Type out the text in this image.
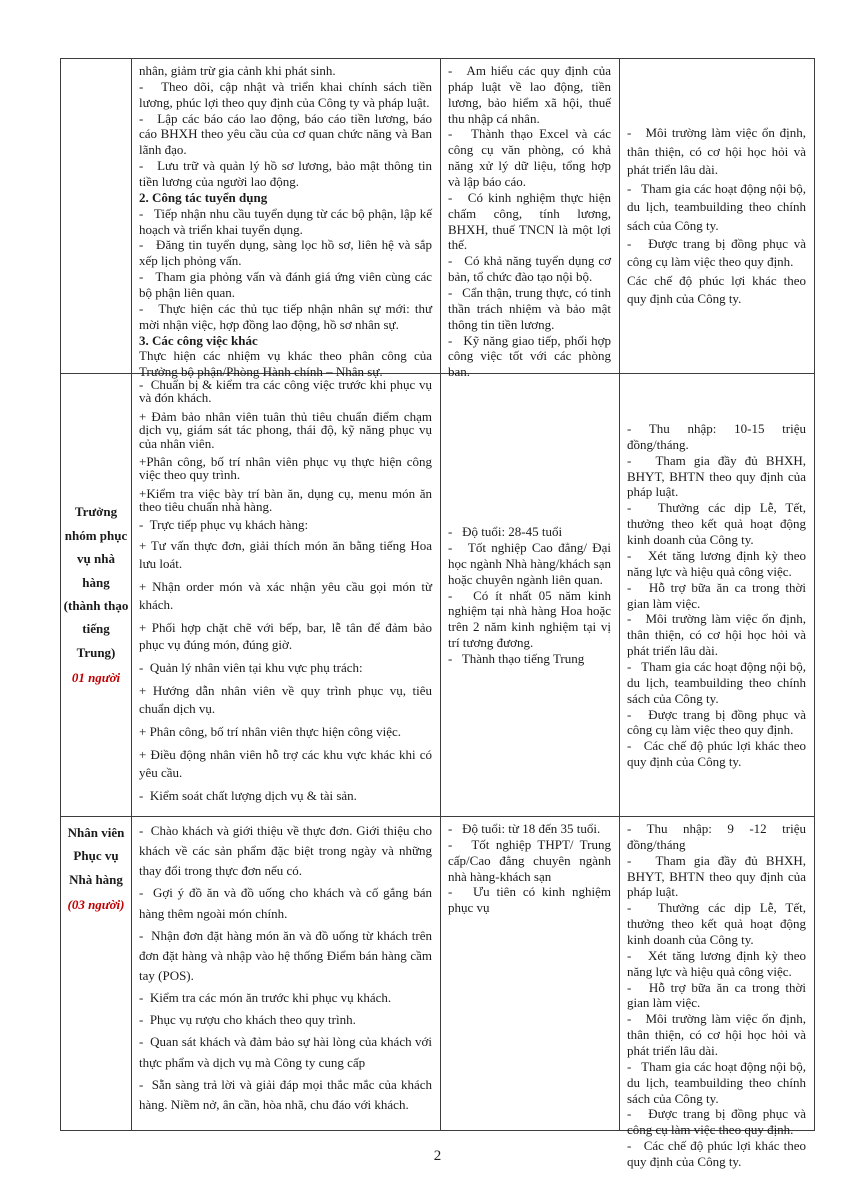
nhân, giảm trừ gia cảnh khi phát sinh.

-   Theo dõi, cập nhật và triển khai chính sách tiền lương, phúc lợi theo quy định của Công ty và pháp luật.

-   Lập các báo cáo lao động, báo cáo tiền lương, báo cáo BHXH theo yêu cầu của cơ quan chức năng và Ban lãnh đạo.

-   Lưu trữ và quản lý hồ sơ lương, bảo mật thông tin tiền lương của người lao động.

2. Công tác tuyển dụng

-   Tiếp nhận nhu cầu tuyển dụng từ các bộ phận, lập kế hoạch và triển khai tuyển dụng.

-   Đăng tin tuyển dụng, sàng lọc hồ sơ, liên hệ và sắp xếp lịch phỏng vấn.

-   Tham gia phỏng vấn và đánh giá ứng viên cùng các bộ phận liên quan.

-   Thực hiện các thủ tục tiếp nhận nhân sự mới: thư mời nhận việc, hợp đồng lao động, hồ sơ nhân sự.

3. Các công việc khác

Thực hiện các nhiệm vụ khác theo phân công của Trưởng bộ phận/Phòng Hành chính – Nhân sự.

-   Am hiểu các quy định của pháp luật về lao động, tiền lương, bảo hiểm xã hội, thuế thu nhập cá nhân.

-   Thành thạo Excel và các công cụ văn phòng, có khả năng xử lý dữ liệu, tổng hợp và lập báo cáo.

-   Có kinh nghiệm thực hiện chấm công, tính lương, BHXH, thuế TNCN là một lợi thế.

-   Có khả năng tuyển dụng cơ bản, tổ chức đào tạo nội bộ.

-   Cẩn thận, trung thực, có tinh thần trách nhiệm và bảo mật thông tin tiền lương.

-   Kỹ năng giao tiếp, phối hợp công việc tốt với các phòng ban.

-   Môi trường làm việc ổn định, thân thiện, có cơ hội học hỏi và phát triển lâu dài.

-   Tham gia các hoạt động nội bộ, du lịch, teambuilding theo chính sách của Công ty.

-   Được trang bị đồng phục và công cụ làm việc theo quy định.

Các chế độ phúc lợi khác theo quy định của Công ty.

Trưởng nhóm phục vụ nhà hàng (thành thạo tiếng Trung)
01 người

-  Chuẩn bị & kiểm tra các công việc trước khi phục vụ và đón khách.

+ Đảm bảo nhân viên tuân thủ tiêu chuẩn điểm chạm dịch vụ, giám sát tác phong, thái độ, kỹ năng phục vụ của nhân viên.

+Phân công, bố trí nhân viên phục vụ thực hiện công việc theo quy trình.

+Kiểm tra việc bày trí bàn ăn, dụng cụ, menu món ăn theo tiêu chuẩn nhà hàng.

-  Trực tiếp phục vụ khách hàng:

+ Tư vấn thực đơn, giải thích món ăn bằng tiếng Hoa lưu loát.

+ Nhận order món và xác nhận yêu cầu gọi món từ khách.

+ Phối hợp chặt chẽ với bếp, bar, lễ tân để đảm bảo phục vụ đúng món, đúng giờ.

-  Quản lý nhân viên tại khu vực phụ trách:

+ Hướng dẫn nhân viên về quy trình phục vụ, tiêu chuẩn dịch vụ.

+ Phân công, bố trí nhân viên thực hiện công việc.

+ Điều động nhân viên hỗ trợ các khu vực khác khi có yêu cầu.

-  Kiểm soát chất lượng dịch vụ & tài sản.

-   Độ tuổi: 28-45 tuổi

-   Tốt nghiệp Cao đẳng/ Đại học ngành Nhà hàng/khách sạn hoặc chuyên ngành liên quan.

-   Có ít nhất 05 năm kinh nghiệm tại nhà hàng Hoa hoặc trên 2 năm kinh nghiệm tại vị trí tương đương.

-   Thành thạo tiếng Trung

- Thu nhập: 10-15 triệu đồng/tháng.

-   Tham gia đầy đủ BHXH, BHYT, BHTN theo quy định của pháp luật.

-   Thưởng các dịp Lễ, Tết, thưởng theo kết quả hoạt động kinh doanh của Công ty.

-   Xét tăng lương định kỳ theo năng lực và hiệu quả công việc.

-   Hỗ trợ bữa ăn ca trong thời gian làm việc.

-   Môi trường làm việc ổn định, thân thiện, có cơ hội học hỏi và phát triển lâu dài.

-   Tham gia các hoạt động nội bộ, du lịch, teambuilding theo chính sách của Công ty.

-   Được trang bị đồng phục và công cụ làm việc theo quy định.

-   Các chế độ phúc lợi khác theo quy định của Công ty.

Nhân viên Phục vụ Nhà hàng
(03 người)

-  Chào khách và giới thiệu về thực đơn. Giới thiệu cho khách về các sản phẩm đặc biệt trong ngày và những thay đổi trong thực đơn nếu có.

-  Gợi ý đồ ăn và đồ uống cho khách và cố gắng bán hàng thêm ngoài món chính.

-  Nhận đơn đặt hàng món ăn và đồ uống từ khách trên đơn đặt hàng và nhập vào hệ thống Điểm bán hàng cầm tay (POS).

-  Kiểm tra các món ăn trước khi phục vụ khách.

-  Phục vụ rượu cho khách theo quy trình.

-  Quan sát khách và đảm bảo sự hài lòng của khách với thực phẩm và dịch vụ mà Công ty cung cấp

-  Sẵn sàng trả lời và giải đáp mọi thắc mắc của khách hàng. Niềm nở, ân cần, hòa nhã, chu đáo với khách.

-   Độ tuổi: từ 18 đến 35 tuổi.

-   Tốt nghiệp THPT/ Trung cấp/Cao đẳng chuyên ngành nhà hàng-khách sạn

-   Ưu tiên có kinh nghiệm phục vụ

- Thu nhập: 9 -12 triệu đồng/tháng

-   Tham gia đầy đủ BHXH, BHYT, BHTN theo quy định của pháp luật.

-   Thưởng các dịp Lễ, Tết, thưởng theo kết quả hoạt động kinh doanh của Công ty.

-   Xét tăng lương định kỳ theo năng lực và hiệu quả công việc.

-   Hỗ trợ bữa ăn ca trong thời gian làm việc.

-   Môi trường làm việc ổn định, thân thiện, có cơ hội học hỏi và phát triển lâu dài.

-   Tham gia các hoạt động nội bộ, du lịch, teambuilding theo chính sách của Công ty.

-   Được trang bị đồng phục và công cụ làm việc theo quy định.

-   Các chế độ phúc lợi khác theo quy định của Công ty.

2
